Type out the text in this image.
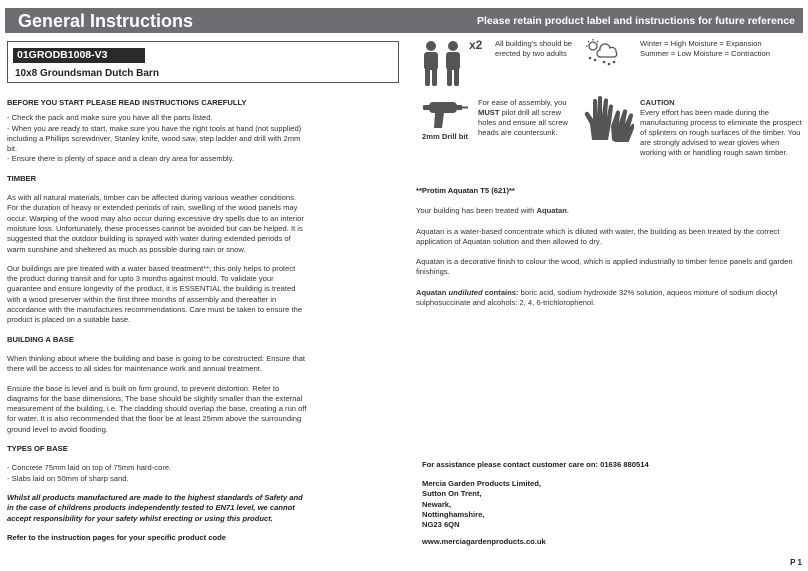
General Instructions	Please retain product label and instructions for future reference
01GRODB1008-V3
10x8 Groundsman Dutch Barn

BEFORE YOU START PLEASE READ INSTRUCTIONS CAREFULLY

- Check the pack and make sure you have all the parts listed.
- When you are ready to start, make sure you have the right tools at hand (not supplied) including a Phillips screwdriver, Stanley knife, wood saw, step ladder and drill with 2mm bit.
- Ensure there is plenty of space and a clean dry area for assembly.

TIMBER

As with all natural materials, timber can be affected during various weather conditions. For the duration of heavy or extended periods of rain, swelling of the wood panels may occur. Warping of the wood may also occur during excessive dry spells due to an interior moisture loss. Unfortunately, these processes cannot be avoided but can be helped. It is suggested that the outdoor building is sprayed with water during extended periods of warm sunshine and sheltered as much as possible during rain or snow.

Our buildings are pre treated with a water based treatment**; this only helps to protect the product during transit and for upto 3 months against mould. To validate your guarantee and ensure longevity of the product, it is ESSENTIAL the building is treated with a wood preserver within the first three months of assembly and thereafter in accordance with the manufactures recommendations. Care must be taken to ensure the product is placed on a suitable base.

BUILDING A BASE

When thinking about where the building and base is going to be constructed: Ensure that there will be access to all sides for maintenance work and annual treatment.

Ensure the base is level and is built on firm ground, to prevent distortion. Refer to diagrams for the base dimensions, The base should be slightly smaller than the external measurement of the building, i.e. The cladding should overlap the base, creating a run off for water. It is also recommended that the floor be at least 25mm above the surrounding ground level to avoid flooding.

TYPES OF BASE

- Concrete 75mm laid on top of 75mm hard-core.
- Slabs laid on 50mm of sharp sand.

Whilst all products manufactured are made to the highest standards of Safety and in the case of childrens products independently tested to EN71 level, we cannot accept responsibility for your safety whilst erecting or using this product.

Refer to the instruction pages for your specific product code

x2 All building's should be erected by two adults
Winter = High Moisture = Expansion
Summer = Low Moisture = Contraction
2mm Drill bit
For ease of assembly, you
MUST pilot drill all screw holes and ensure all screw heads are countersunk.
CAUTION
Every effort has been made during the manufacturing process to eliminate the prospect of splinters on rough surfaces of the timber. You are strongly advised to wear gloves when working with or handling rough sawn timber.

**Protim Aquatan T5 (621)**

Your building has been treated with Aquatan.

Aquatan is a water-based concentrate which is diluted with water, the building as been treated by the correct application of Aquatan solution and then allowed to dry.

Aquatan is a decorative finish to colour the wood, which is applied industrially to timber fence panels and garden finishings.

Aquatan undiluted contains: boric acid, sodium hydroxide 32% solution, aqueos mixture of sodium dioctyl sulphosuccinate and alcohols: 2, 4, 6-trichlorophenol.

For assistance please contact customer care on: 01636 880514
Mercia Garden Products Limited,
Sutton On Trent,
Newark,
Nottinghamshire,
NG23 6QN
www.merciagardenproducts.co.uk
P 1
